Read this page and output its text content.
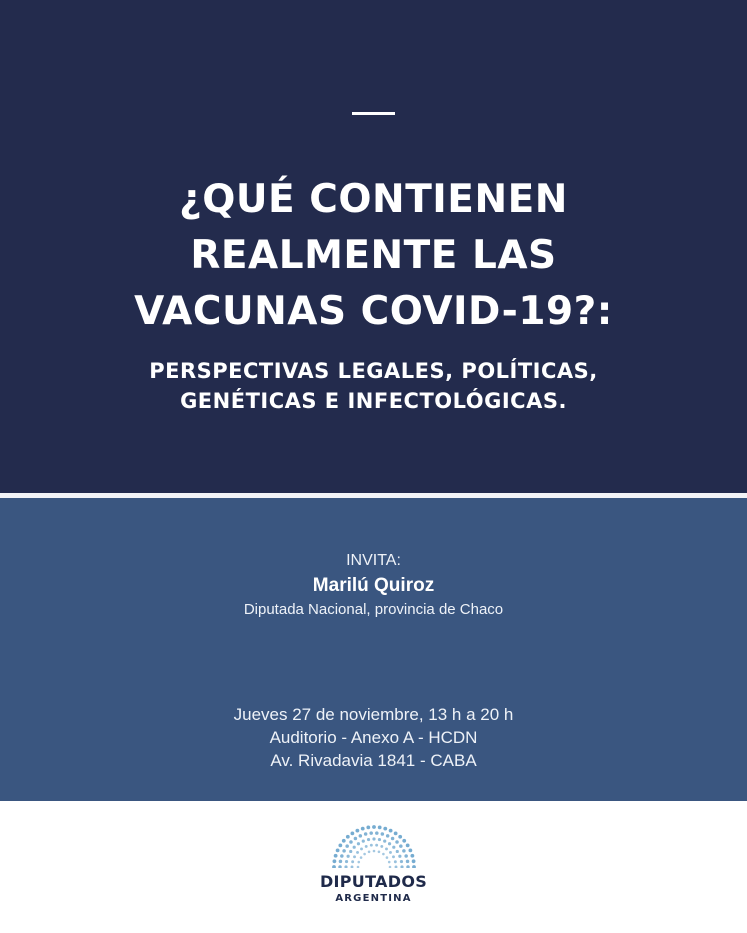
¿QUÉ CONTIENEN
REALMENTE LAS
VACUNAS COVID-19?:
PERSPECTIVAS LEGALES, POLÍTICAS,
GENÉTICAS E INFECTOLÓGICAS.
INVITA:
Marilú Quiroz
Diputada Nacional, provincia de Chaco
Jueves 27 de noviembre, 13 h a 20 h
Auditorio - Anexo A - HCDN
Av. Rivadavia 1841 - CABA
DIPUTADOS
ARGENTINA
